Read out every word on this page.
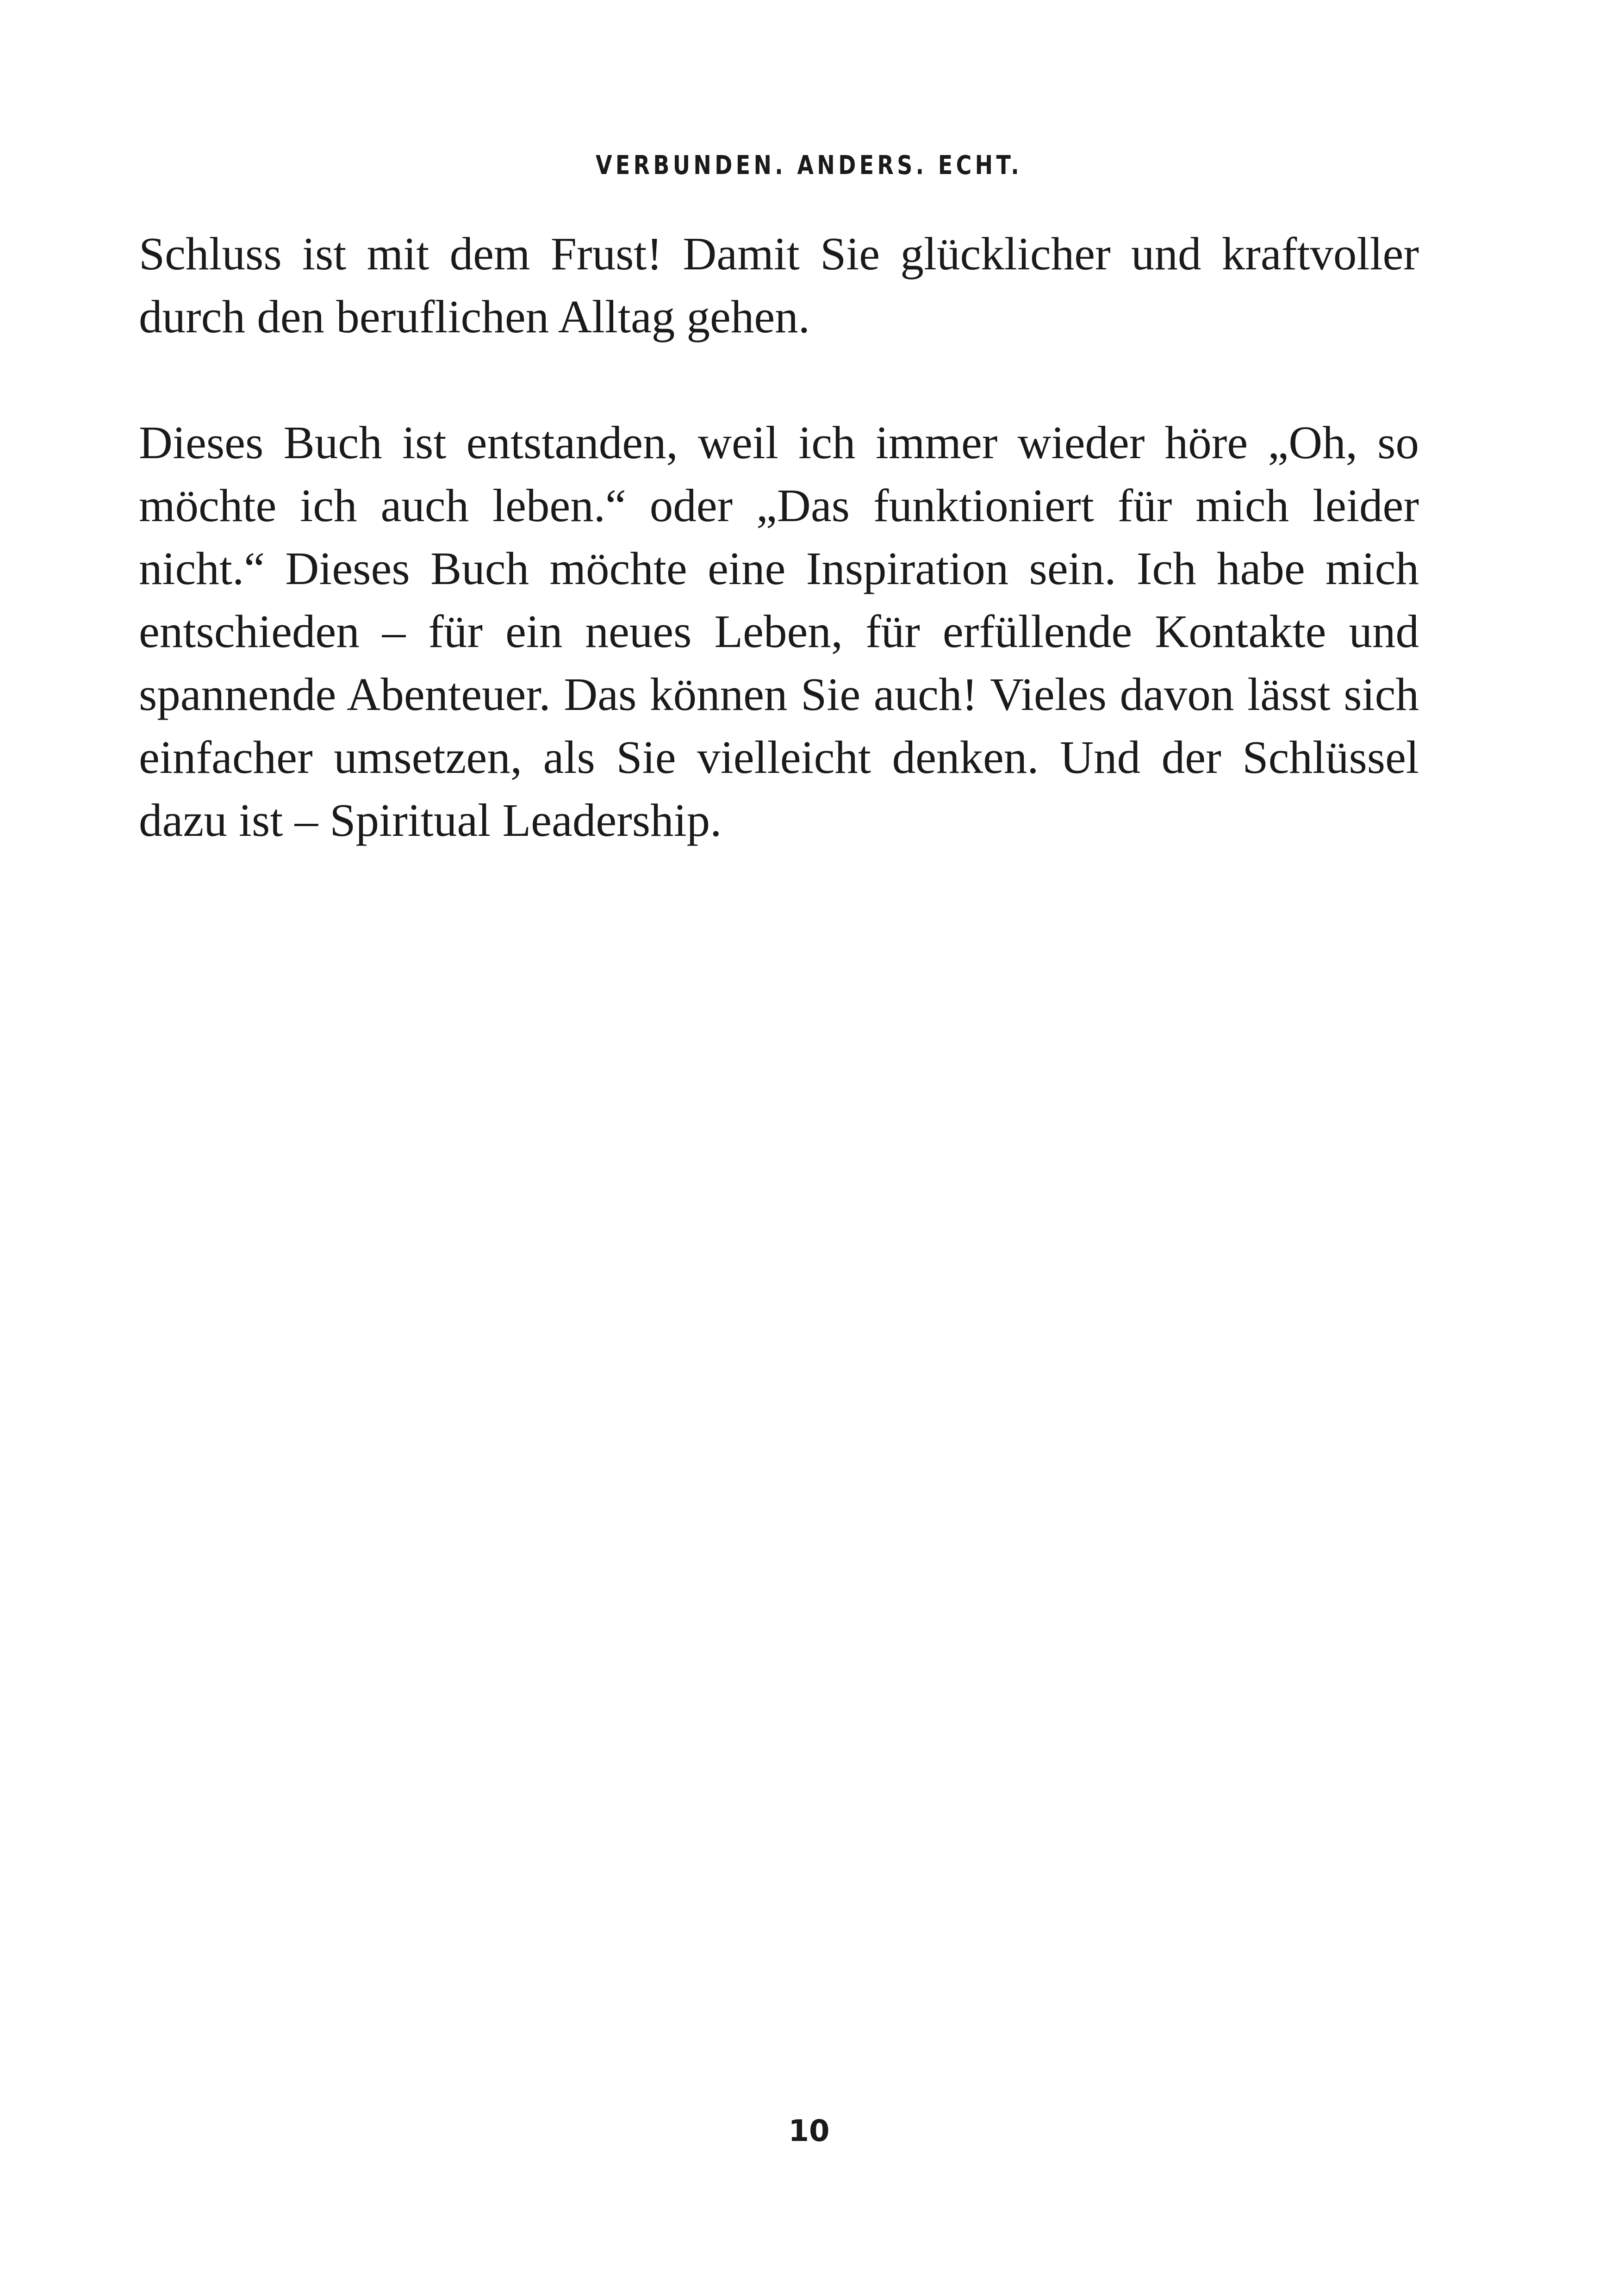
VERBUNDEN. ANDERS. ECHT.

Schluss ist mit dem Frust! Damit Sie glücklicher und kraftvoller
durch den beruflichen Alltag gehen.

Dieses Buch ist entstanden, weil ich immer wieder höre „Oh, so
möchte ich auch leben.“ oder „Das funktioniert für mich leider
nicht.“ Dieses Buch möchte eine Inspiration sein. Ich habe mich
entschieden – für ein neues Leben, für erfüllende Kontakte und
spannende Abenteuer. Das können Sie auch! Vieles davon lässt sich
einfacher umsetzen, als Sie vielleicht denken. Und der Schlüssel
dazu ist – Spiritual Leadership.

10
